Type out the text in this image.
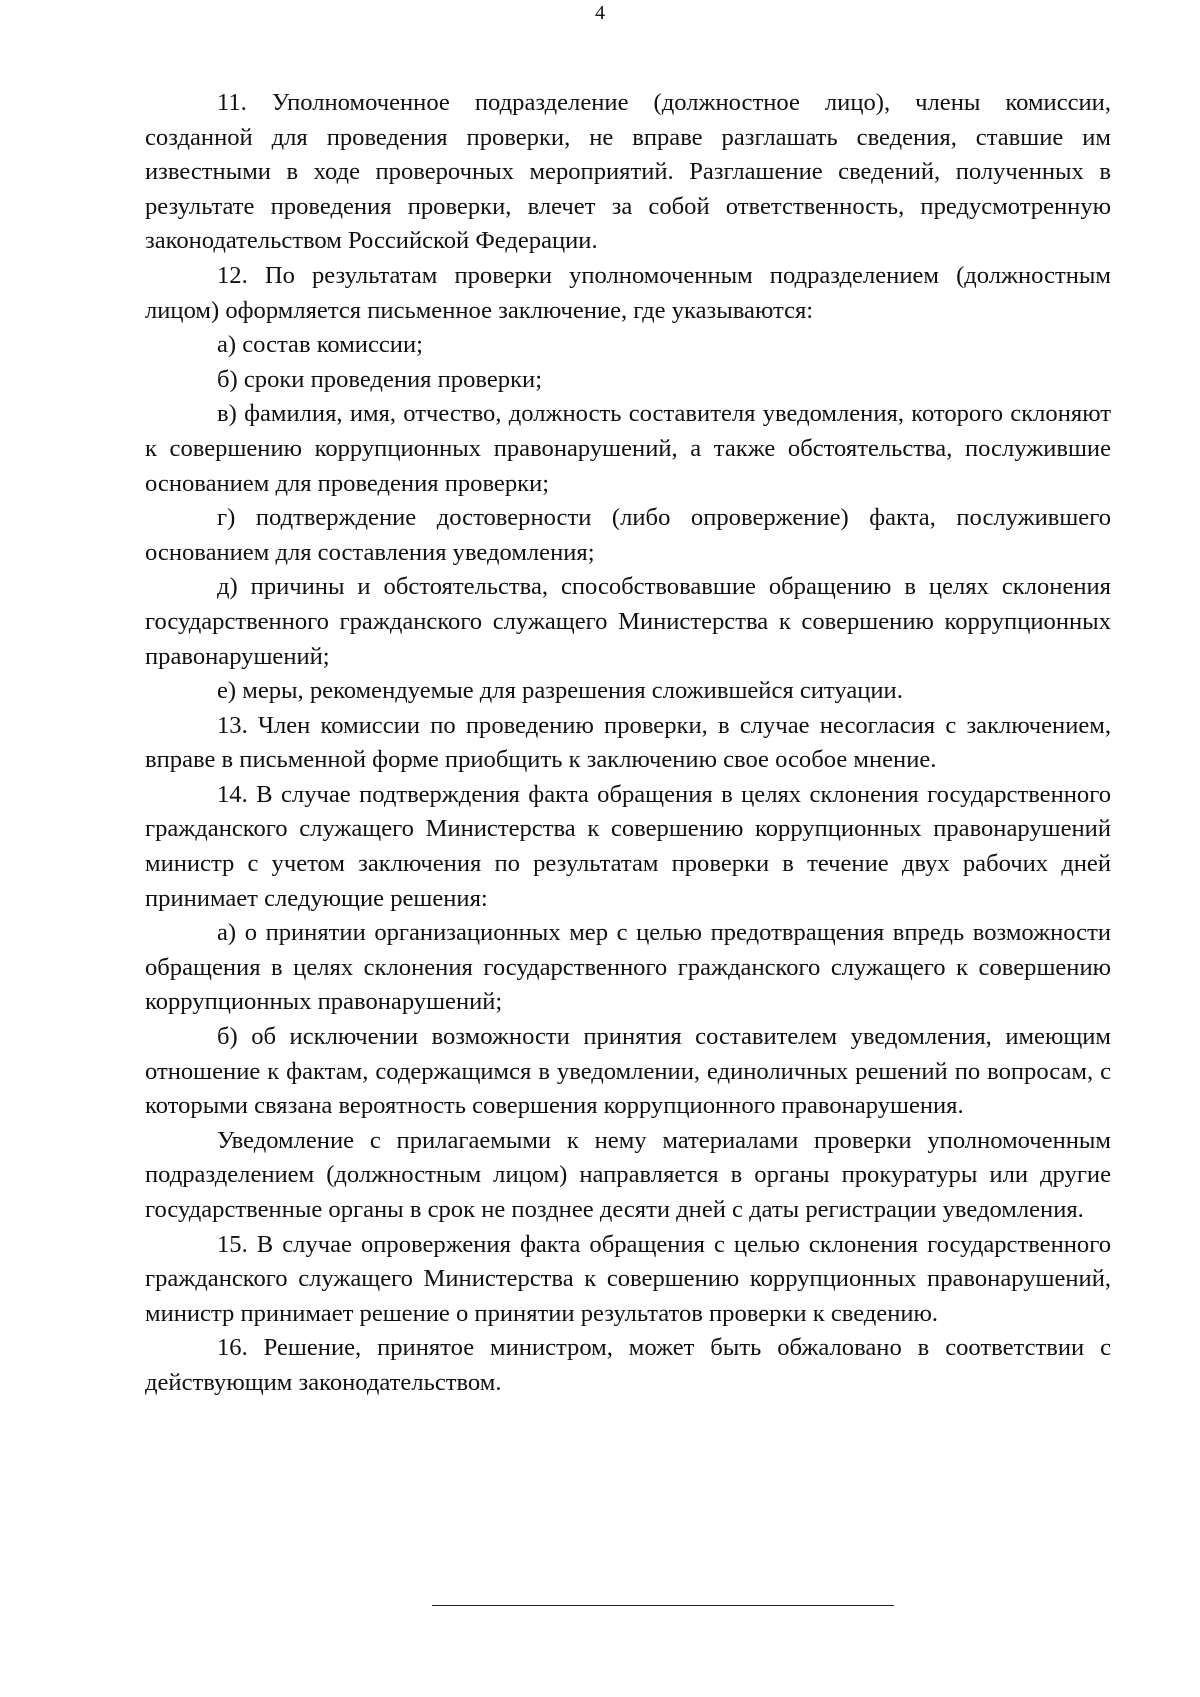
4

11. Уполномоченное подразделение (должностное лицо), члены комиссии, созданной для проведения проверки, не вправе разглашать сведения, ставшие им известными в ходе проверочных мероприятий. Разглашение сведений, полученных в результате проведения проверки, влечет за собой ответственность, предусмотренную законодательством Российской Федерации.

12. По результатам проверки уполномоченным подразделением (должностным лицом) оформляется письменное заключение, где указываются:

а) состав комиссии;

б) сроки проведения проверки;

в) фамилия, имя, отчество, должность составителя уведомления, которого склоняют к совершению коррупционных правонарушений, а также обстоятельства, послужившие основанием для проведения проверки;

г) подтверждение достоверности (либо опровержение) факта, послужившего основанием для составления уведомления;

д) причины и обстоятельства, способствовавшие обращению в целях склонения государственного гражданского служащего Министерства к совершению коррупционных правонарушений;

е) меры, рекомендуемые для разрешения сложившейся ситуации.

13. Член комиссии по проведению проверки, в случае несогласия с заключением, вправе в письменной форме приобщить к заключению свое особое мнение.

14. В случае подтверждения факта обращения в целях склонения государственного гражданского служащего Министерства к совершению коррупционных правонарушений министр с учетом заключения по результатам проверки в течение двух рабочих дней принимает следующие решения:

а) о принятии организационных мер с целью предотвращения впредь возможности обращения в целях склонения государственного гражданского служащего к совершению коррупционных правонарушений;

б) об исключении возможности принятия составителем уведомления, имеющим отношение к фактам, содержащимся в уведомлении, единоличных решений по вопросам, с которыми связана вероятность совершения коррупционного правонарушения.

Уведомление с прилагаемыми к нему материалами проверки уполномоченным подразделением (должностным лицом) направляется в органы прокуратуры или другие государственные органы в срок не позднее десяти дней с даты регистрации уведомления.

15. В случае опровержения факта обращения с целью склонения государственного гражданского служащего Министерства к совершению коррупционных правонарушений, министр принимает решение о принятии результатов проверки к сведению.

16. Решение, принятое министром, может быть обжаловано в соответствии с действующим законодательством.
